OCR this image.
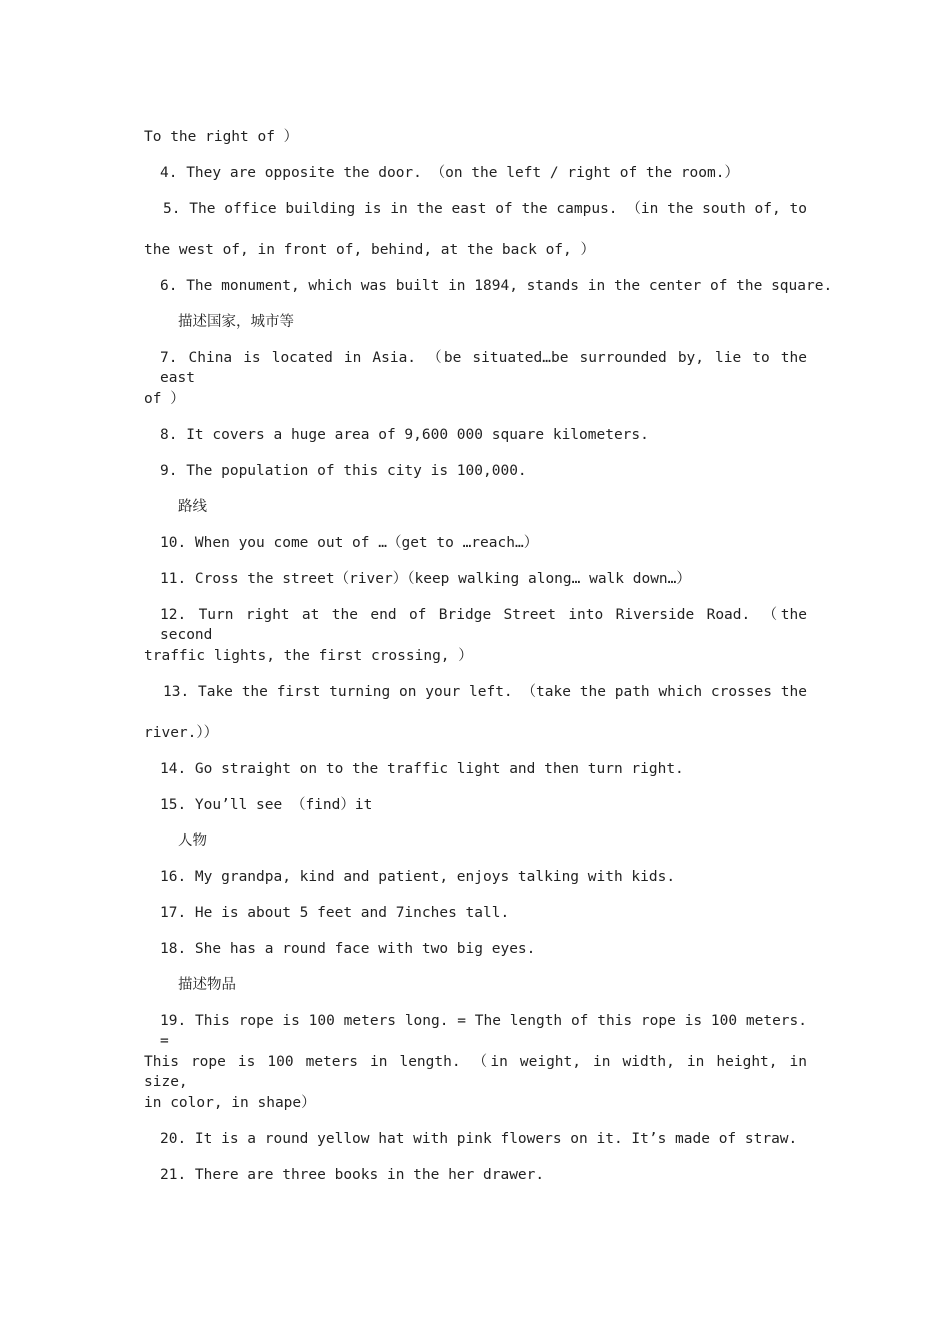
To the right of ）
4. They are opposite the door. （on the left / right of the room.）
5. The office building is in the east of the campus. （in the south of, to
the west of, in front of, behind, at the back of, ）
6. The monument, which was built in 1894, stands in the center of the square.
描述国家，城市等
7. China is located in Asia. （be situated…be surrounded by, lie to the east
of ）
8. It covers a huge area of 9,600 000 square kilometers.
9. The population of this city is 100,000.
路线
10. When you come out of …（get to …reach…）
11. Cross the street（river）（keep walking along… walk down…）
12. Turn right at the end of Bridge Street into Riverside Road. （the second
traffic lights, the first crossing, ）
13. Take the first turning on your left. （take the path which crosses the
river.））
14. Go straight on to the traffic light and then turn right.
15. You’ll see （find）it
人物
16. My grandpa, kind and patient, enjoys talking with kids.
17. He is about 5 feet and 7inches tall.
18. She has a round face with two big eyes.
描述物品
19. This rope is 100 meters long. = The length of this rope is 100 meters. =
This rope is 100 meters in length. （in weight, in width, in height, in size,
in color, in shape）
20. It is a round yellow hat with pink flowers on it. It’s made of straw.
21. There are three books in the her drawer.
